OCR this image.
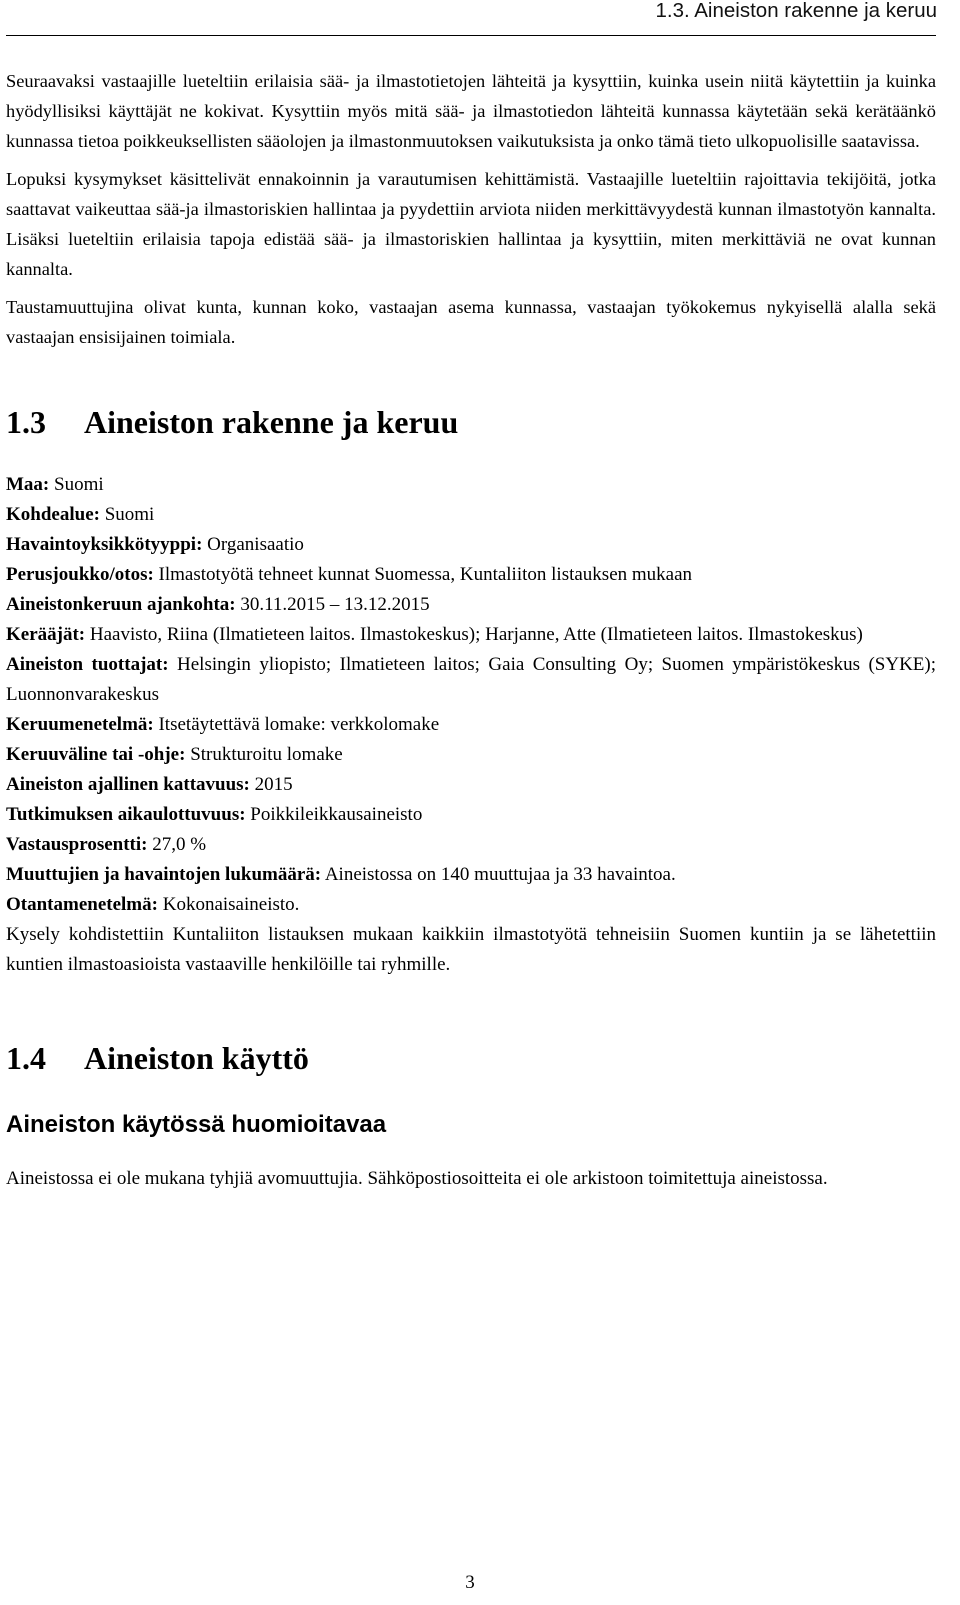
1.3. Aineiston rakenne ja keruu

Seuraavaksi vastaajille lueteltiin erilaisia sää- ja ilmastotietojen lähteitä ja kysyttiin, kuinka usein niitä käytettiin ja kuinka hyödyllisiksi käyttäjät ne kokivat. Kysyttiin myös mitä sää- ja ilmastotiedon lähteitä kunnassa käytetään sekä kerätäänkö kunnassa tietoa poikkeuksellisten sääolojen ja ilmastonmuutoksen vaikutuksista ja onko tämä tieto ulkopuolisille saatavissa.

Lopuksi kysymykset käsittelivät ennakoinnin ja varautumisen kehittämistä. Vastaajille lueteltiin rajoittavia tekijöitä, jotka saattavat vaikeuttaa sää-ja ilmastoriskien hallintaa ja pyydettiin arviota niiden merkittävyydestä kunnan ilmastotyön kannalta. Lisäksi lueteltiin erilaisia tapoja edistää sää- ja ilmastoriskien hallintaa ja kysyttiin, miten merkittäviä ne ovat kunnan kannalta.

Taustamuuttujina olivat kunta, kunnan koko, vastaajan asema kunnassa, vastaajan työkokemus nykyisellä alalla sekä vastaajan ensisijainen toimiala.

1.3	Aineiston rakenne ja keruu

Maa: Suomi

Kohdealue: Suomi

Havaintoyksikkötyyppi: Organisaatio

Perusjoukko/otos: Ilmastotyötä tehneet kunnat Suomessa, Kuntaliiton listauksen mukaan

Aineistonkeruun ajankohta: 30.11.2015 – 13.12.2015

Kerääjät: Haavisto, Riina (Ilmatieteen laitos. Ilmastokeskus); Harjanne, Atte (Ilmatieteen laitos. Ilmastokeskus)

Aineiston tuottajat: Helsingin yliopisto; Ilmatieteen laitos; Gaia Consulting Oy; Suomen ympäristökeskus (SYKE); Luonnonvarakeskus

Keruumenetelmä: Itsetäytettävä lomake: verkkolomake

Keruuväline tai -ohje: Strukturoitu lomake

Aineiston ajallinen kattavuus: 2015

Tutkimuksen aikaulottuvuus: Poikkileikkausaineisto

Vastausprosentti: 27,0 %

Muuttujien ja havaintojen lukumäärä: Aineistossa on 140 muuttujaa ja 33 havaintoa.

Otantamenetelmä: Kokonaisaineisto.

Kysely kohdistettiin Kuntaliiton listauksen mukaan kaikkiin ilmastotyötä tehneisiin Suomen kuntiin ja se lähetettiin kuntien ilmastoasioista vastaaville henkilöille tai ryhmille.

1.4	Aineiston käyttö
Aineiston käytössä huomioitavaa

Aineistossa ei ole mukana tyhjiä avomuuttujia. Sähköpostiosoitteita ei ole arkistoon toimitettuja aineistossa.

3
